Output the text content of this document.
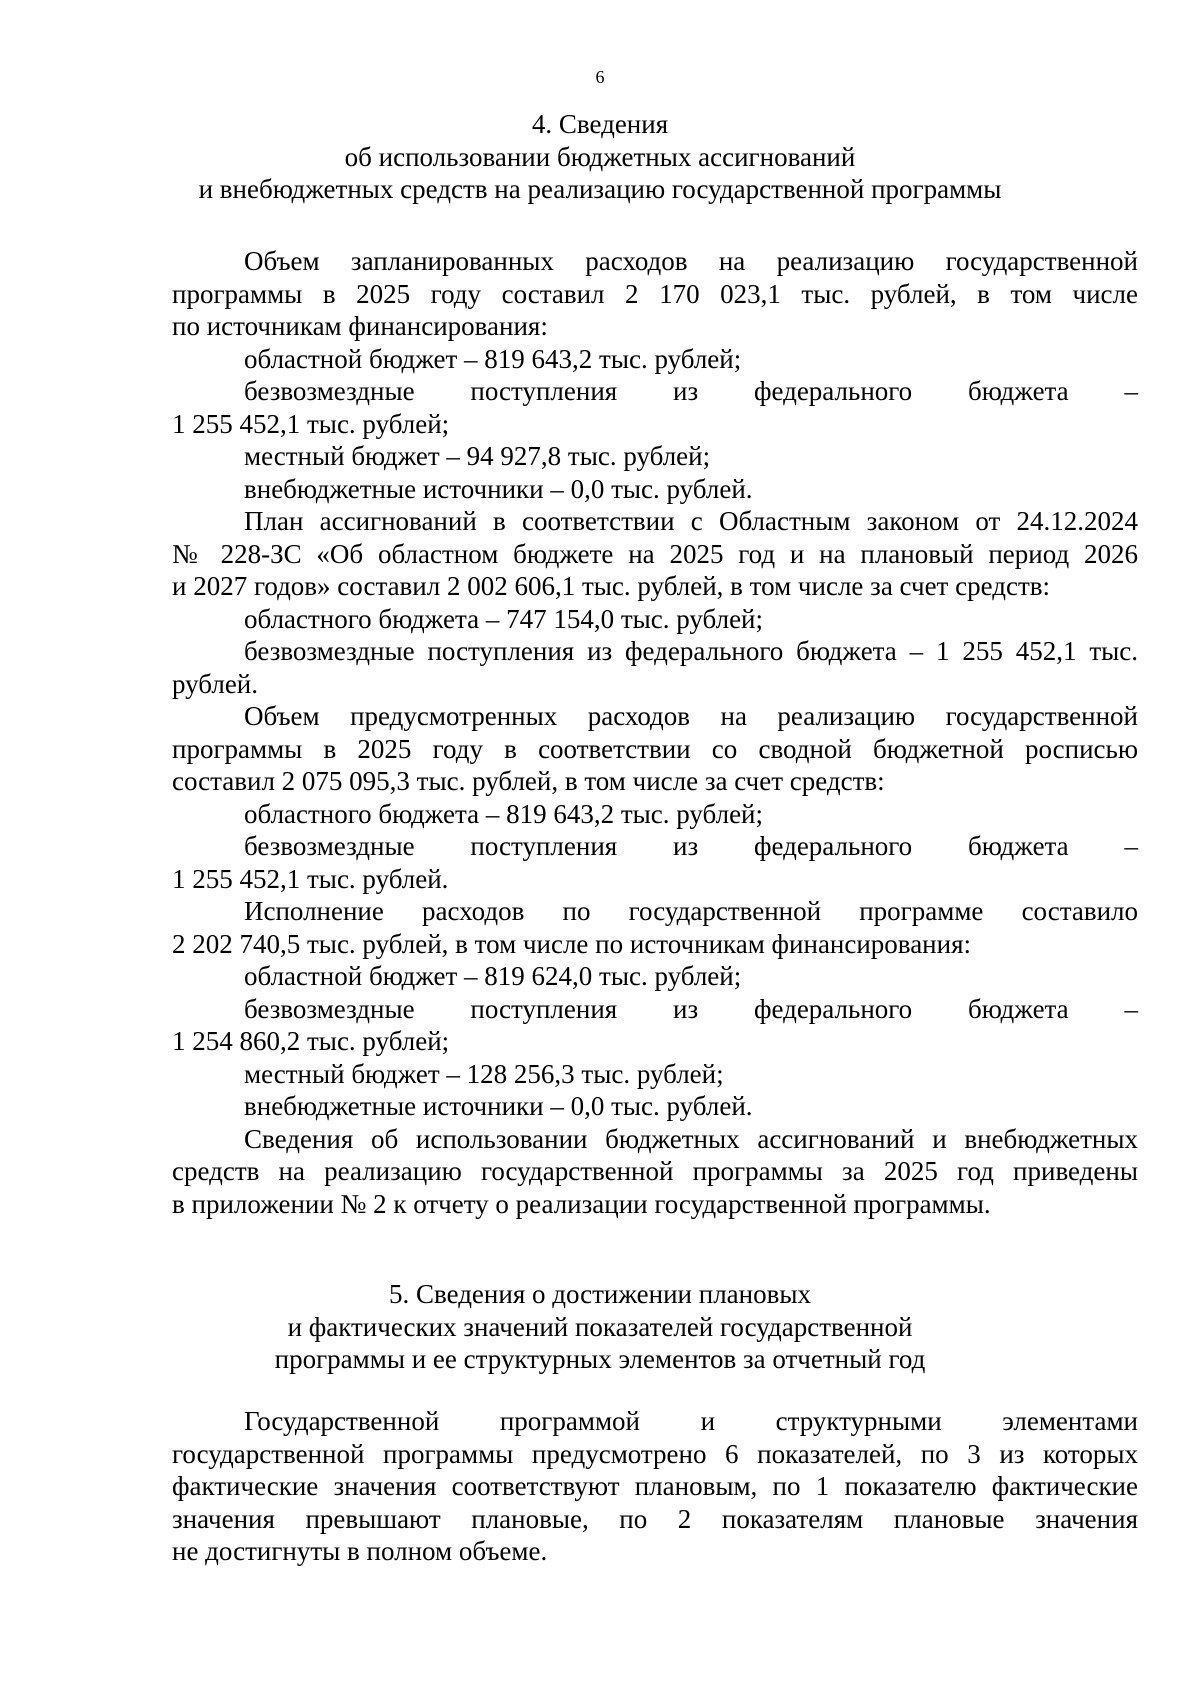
6
4. Сведения
об использовании бюджетных ассигнований
и внебюджетных средств на реализацию государственной программы
Объем запланированных расходов на реализацию государственной
программы в 2025 году составил 2 170 023,1 тыс. рублей, в том числе
по источникам финансирования:
областной бюджет – 819 643,2 тыс. рублей;
безвозмездные поступления из федерального бюджета –
1 255 452,1 тыс. рублей;
местный бюджет – 94 927,8 тыс. рублей;
внебюджетные источники – 0,0 тыс. рублей.
План ассигнований в соответствии с Областным законом от 24.12.2024
№ 228-ЗС «Об областном бюджете на 2025 год и на плановый период 2026
и 2027 годов» составил 2 002 606,1 тыс. рублей, в том числе за счет средств:
областного бюджета – 747 154,0 тыс. рублей;
безвозмездные поступления из федерального бюджета – 1 255 452,1 тыс.
рублей.
Объем предусмотренных расходов на реализацию государственной
программы в 2025 году в соответствии со сводной бюджетной росписью
составил 2 075 095,3 тыс. рублей, в том числе за счет средств:
областного бюджета – 819 643,2 тыс. рублей;
безвозмездные поступления из федерального бюджета –
1 255 452,1 тыс. рублей.
Исполнение расходов по государственной программе составило
2 202 740,5 тыс. рублей, в том числе по источникам финансирования:
областной бюджет – 819 624,0 тыс. рублей;
безвозмездные поступления из федерального бюджета –
1 254 860,2 тыс. рублей;
местный бюджет – 128 256,3 тыс. рублей;
внебюджетные источники – 0,0 тыс. рублей.
Сведения об использовании бюджетных ассигнований и внебюджетных
средств на реализацию государственной программы за 2025 год приведены
в приложении № 2 к отчету о реализации государственной программы.
5. Сведения о достижении плановых
и фактических значений показателей государственной
программы и ее структурных элементов за отчетный год
Государственной программой и структурными элементами
государственной программы предусмотрено 6 показателей, по 3 из которых
фактические значения соответствуют плановым, по 1 показателю фактические
значения превышают плановые, по 2 показателям плановые значения
не достигнуты в полном объеме.
